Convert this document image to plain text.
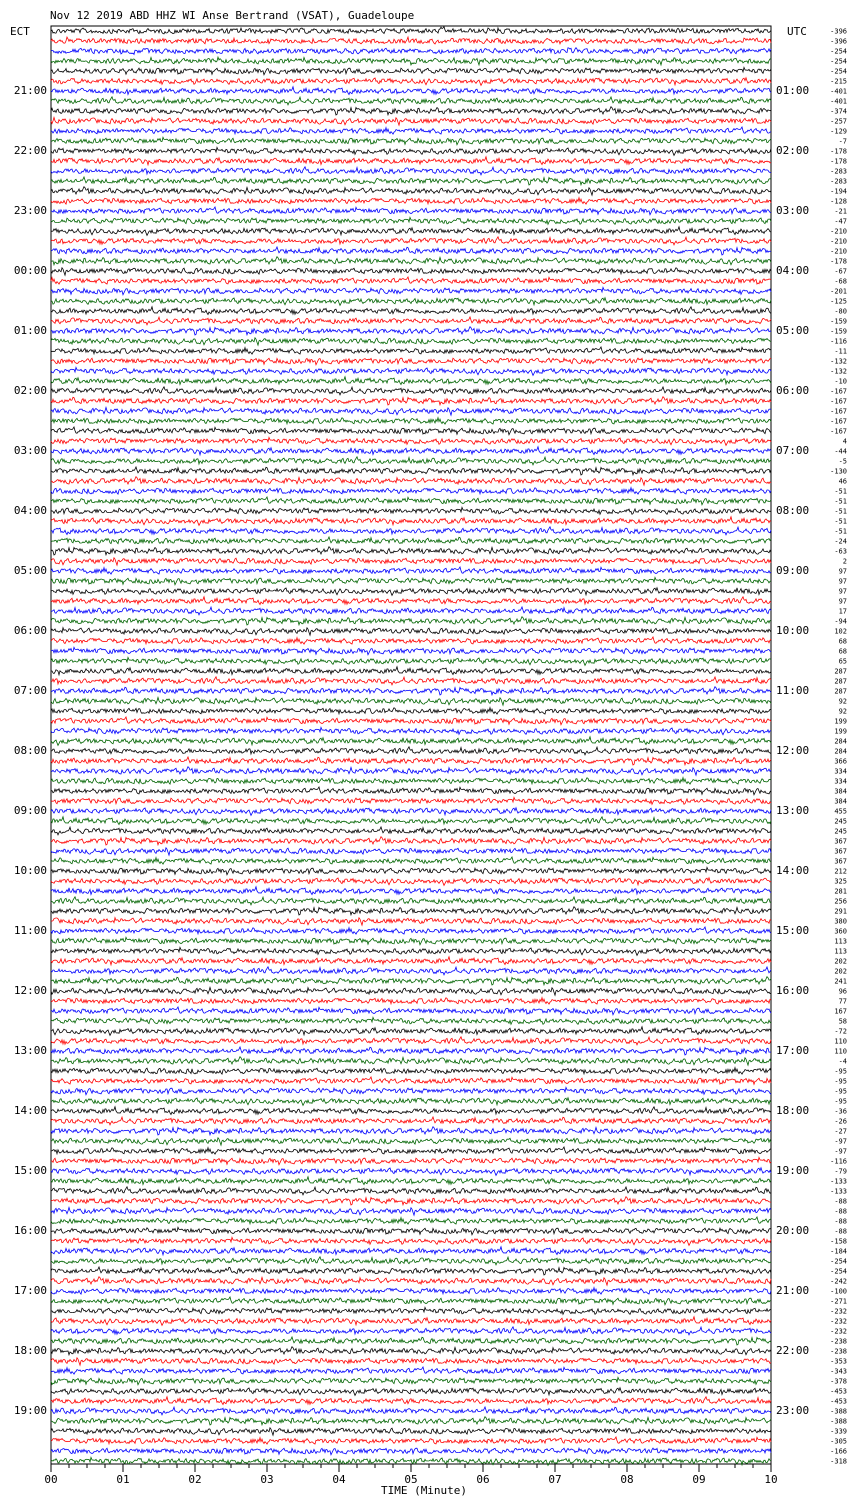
Nov 12 2019 ABD HHZ WI Anse Bertrand (VSAT), Guadeloupe
ECT	UTC
21:00
22:00
23:00
00:00
01:00
02:00
03:00
04:00
05:00
06:00
07:00
08:00
09:00
10:00
11:00
12:00
13:00
14:00
15:00
16:00
17:00
18:00
19:00
01:00
02:00
03:00
04:00
05:00
06:00
07:00
08:00
09:00
10:00
11:00
12:00
13:00
14:00
15:00
16:00
17:00
18:00
19:00
20:00
21:00
22:00
23:00
-396
-396
-254
-254
-254
-215
-401
-401
-374
-257
-129
-7
-178
-178
-283
-283
-194
-128
-21
-47
-210
-210
-210
-178
-67
-68
-201
-125
-80
-159
-159
-116
-11
-132
-132
-10
-167
-167
-167
-167
-167
4
-44
-5
-130
46
-51
-51
-51
-51
-51
-24
-63
2
97
97
97
97
17
-94
102
68
68
65
287
287
287
92
92
199
199
284
284
366
334
334
384
384
455
245
245
367
367
367
212
325
281
256
291
380
360
113
113
202
202
241
96
77
167
58
-72
110
110
-4
-95
-95
-95
-95
-36
-26
-27
-97
-97
-116
-79
-133
-133
-88
-88
-88
-88
-158
-184
-254
-254
-242
-100
-271
-232
-232
-232
-238
-238
-353
-343
-378
-453
-453
-388
-388
-339
-305
-166
-318
00	01	02	03	04	05	06	07	08	09	10
TIME (Minute)
